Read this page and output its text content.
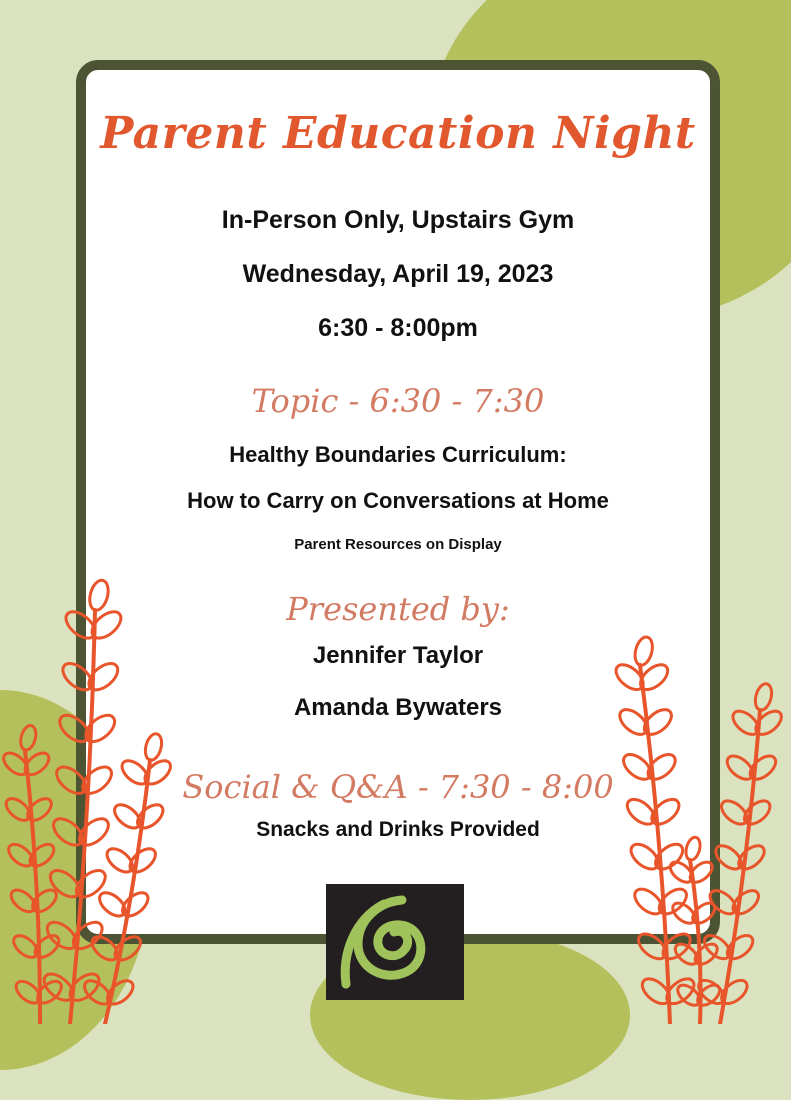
Parent Education Night

In-Person Only, Upstairs Gym

Wednesday, April 19, 2023

6:30 - 8:00pm

Topic - 6:30 - 7:30

Healthy Boundaries Curriculum:

How to Carry on Conversations at Home

Parent Resources on Display

Presented by:

Jennifer Taylor

Amanda Bywaters

Social & Q&A - 7:30 - 8:00

Snacks and Drinks Provided
